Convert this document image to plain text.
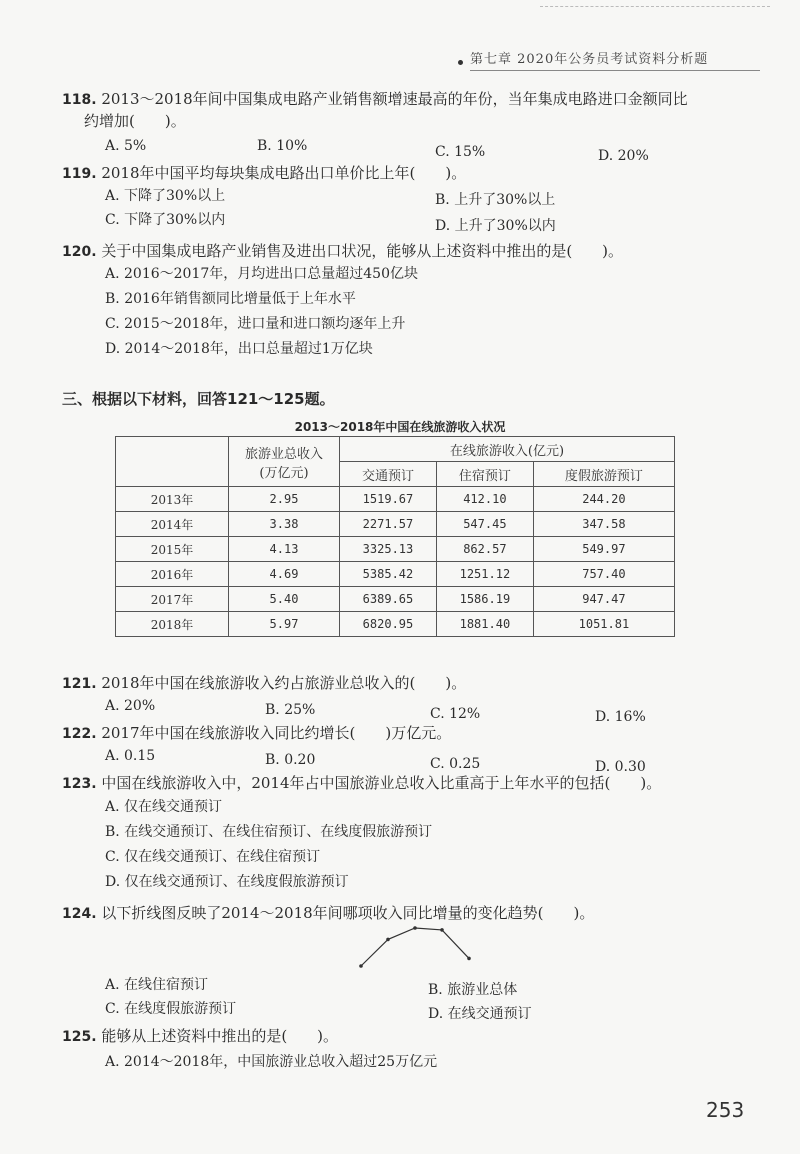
第七章 2020年公务员考试资料分析题
118. 2013～2018年间中国集成电路产业销售额增速最高的年份，当年集成电路进口金额同比
约增加(　　)。
A. 5%	B. 10%	C. 15%	D. 20%
119. 2018年中国平均每块集成电路出口单价比上年(　　)。
A. 下降了30%以上	B. 上升了30%以上
C. 下降了30%以内	D. 上升了30%以内
120. 关于中国集成电路产业销售及进出口状况，能够从上述资料中推出的是(　　)。
A. 2016～2017年，月均进出口总量超过450亿块
B. 2016年销售额同比增量低于上年水平
C. 2015～2018年，进口量和进口额均逐年上升
D. 2014～2018年，出口总量超过1万亿块
三、根据以下材料，回答121～125题。
2013～2018年中国在线旅游收入状况
	旅游业总收入
(万亿元)	在线旅游收入(亿元)		
		交通预订	住宿预订	度假旅游预订
2013年	2.95	1519.67	412.10	244.20
2014年	3.38	2271.57	547.45	347.58
2015年	4.13	3325.13	862.57	549.97
2016年	4.69	5385.42	1251.12	757.40
2017年	5.40	6389.65	1586.19	947.47
2018年	5.97	6820.95	1881.40	1051.81
121. 2018年中国在线旅游收入约占旅游业总收入的(　　)。
A. 20%	B. 25%	C. 12%	D. 16%
122. 2017年中国在线旅游收入同比约增长(　　)万亿元。
A. 0.15	B. 0.20	C. 0.25	D. 0.30
123. 中国在线旅游收入中，2014年占中国旅游业总收入比重高于上年水平的包括(　　)。
A. 仅在线交通预订
B. 在线交通预订、在线住宿预订、在线度假旅游预订
C. 仅在线交通预订、在线住宿预订
D. 仅在线交通预订、在线度假旅游预订
124. 以下折线图反映了2014～2018年间哪项收入同比增量的变化趋势(　　)。
A. 在线住宿预订	B. 旅游业总体
C. 在线度假旅游预订	D. 在线交通预订
125. 能够从上述资料中推出的是(　　)。
A. 2014～2018年，中国旅游业总收入超过25万亿元
253
